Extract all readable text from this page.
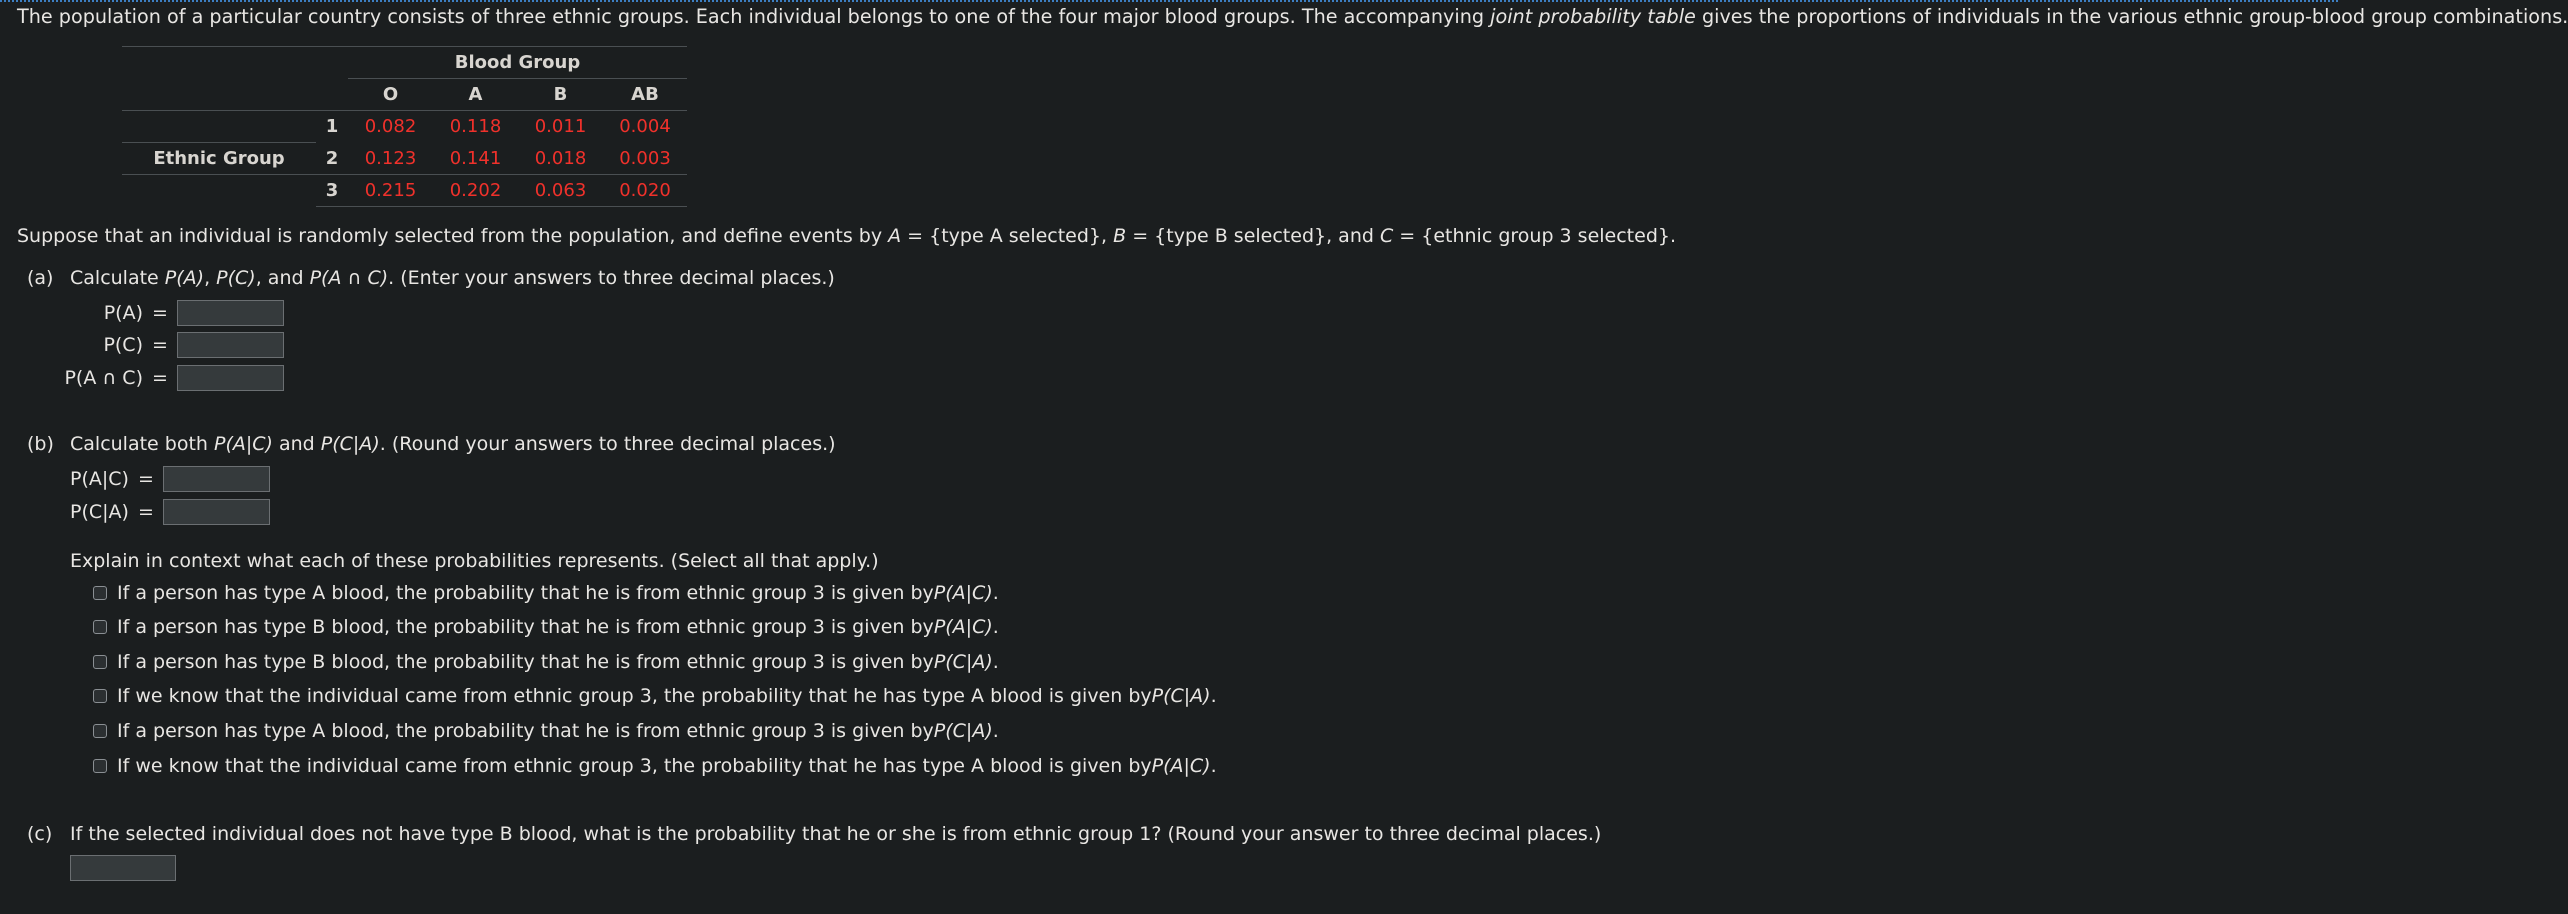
The population of a particular country consists of three ethnic groups. Each individual belongs to one of the four major blood groups. The accompanying joint probability table gives the proportions of individuals in the various ethnic group-blood group combinations.
		Blood Group			
		O	A	B	AB
	1	0.082	0.118	0.011	0.004
Ethnic Group	2	0.123	0.141	0.018	0.003
	3	0.215	0.202	0.063	0.020
Suppose that an individual is randomly selected from the population, and define events by A = {type A selected}, B = {type B selected}, and C = {ethnic group 3 selected}.
(a) Calculate P(A), P(C), and P(A ∩ C). (Enter your answers to three decimal places.)
P(A) =
P(C) =
P(A ∩ C) =
(b) Calculate both P(A|C) and P(C|A). (Round your answers to three decimal places.)
P(A|C) =
P(C|A) =
Explain in context what each of these probabilities represents. (Select all that apply.)
If a person has type A blood, the probability that he is from ethnic group 3 is given by P(A|C) .
If a person has type B blood, the probability that he is from ethnic group 3 is given by P(A|C) .
If a person has type B blood, the probability that he is from ethnic group 3 is given by P(C|A) .
If we know that the individual came from ethnic group 3, the probability that he has type A blood is given by P(C|A) .
If a person has type A blood, the probability that he is from ethnic group 3 is given by P(C|A) .
If we know that the individual came from ethnic group 3, the probability that he has type A blood is given by P(A|C) .
(c) If the selected individual does not have type B blood, what is the probability that he or she is from ethnic group 1? (Round your answer to three decimal places.)
